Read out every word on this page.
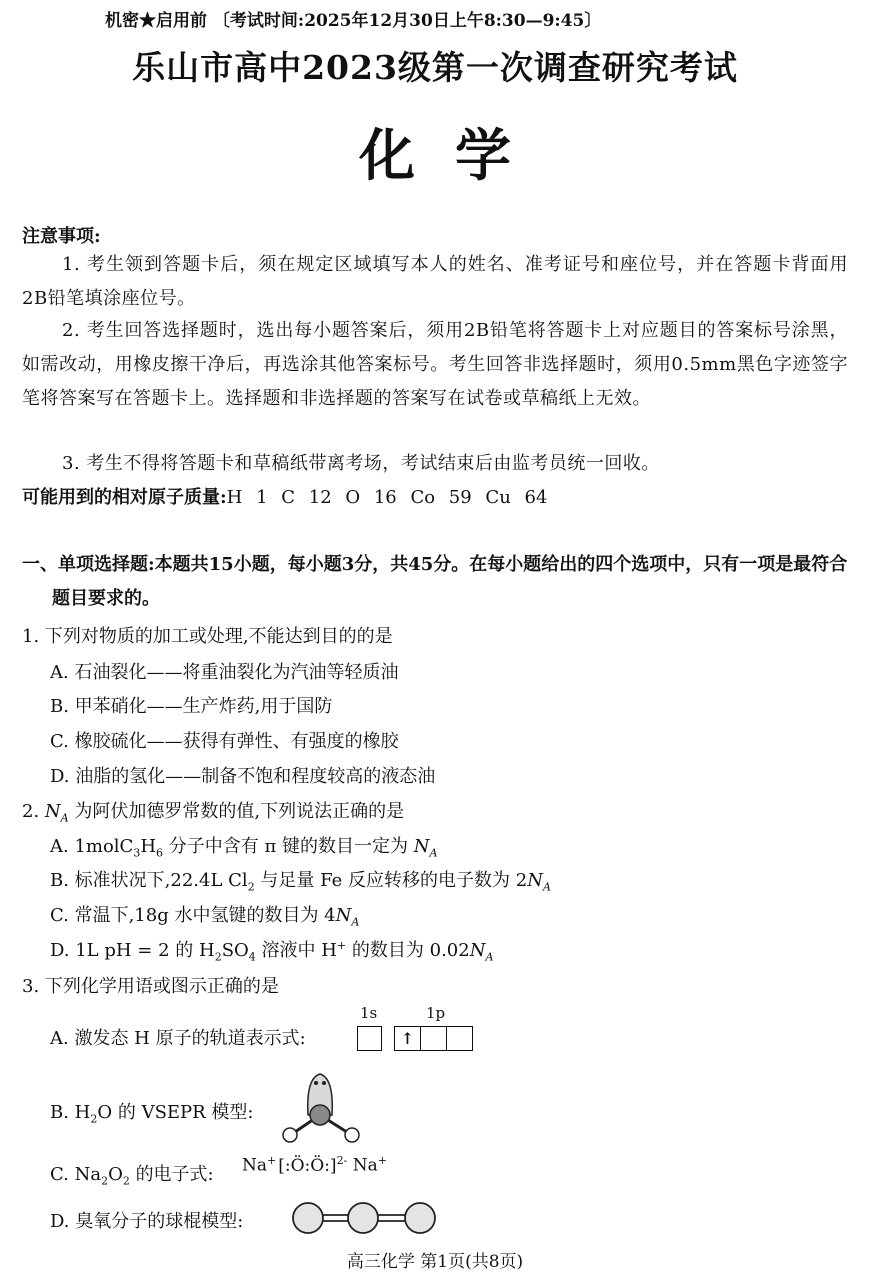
机密★启用前 〔考试时间:2025年12月30日上午8:30—9:45〕
乐山市高中2023级第一次调查研究考试
化学
注意事项:
1. 考生领到答题卡后，须在规定区域填写本人的姓名、准考证号和座位号，并在答题卡背面用2B铅笔填涂座位号。
2. 考生回答选择题时，选出每小题答案后，须用2B铅笔将答题卡上对应题目的答案标号涂黑，如需改动，用橡皮擦干净后，再选涂其他答案标号。考生回答非选择题时，须用0.5mm黑色字迹签字笔将答案写在答题卡上。选择题和非选择题的答案写在试卷或草稿纸上无效。
3. 考生不得将答题卡和草稿纸带离考场，考试结束后由监考员统一回收。
可能用到的相对原子质量:H 1 C 12 O 16 Co 59 Cu 64
一、单项选择题:本题共15小题，每小题3分，共45分。在每小题给出的四个选项中，只有一项是最符合题目要求的。
1. 下列对物质的加工或处理,不能达到目的的是
A. 石油裂化——将重油裂化为汽油等轻质油
B. 甲苯硝化——生产炸药,用于国防
C. 橡胶硫化——获得有弹性、有强度的橡胶
D. 油脂的氢化——制备不饱和程度较高的液态油
2. $N_A$ 为阿伏加德罗常数的值,下列说法正确的是
A. $1molC_3H_6$ 分子中含有 π 键的数目一定为 $N_A$
B. 标准状况下,22.4L $Cl_2$ 与足量 Fe 反应转移的电子数为 $2N_A$
C. 常温下,18g 水中氢键的数目为 $4N_A$
D. 1L pH = 2 的 $H_2SO_4$ 溶液中 H+ 的数目为 $0.02N_A$
3. 下列化学用语或图示正确的是
A. 激发态 H 原子的轨道表示式:
1s	1p
↑
B. $H_2O$ 的 VSEPR 模型:
C. $Na_2O_2$ 的电子式: Na+ [:Ö:Ö:]$^{2-}$ Na+
D. 臭氧分子的球棍模型:
高三化学 第1页(共8页)
